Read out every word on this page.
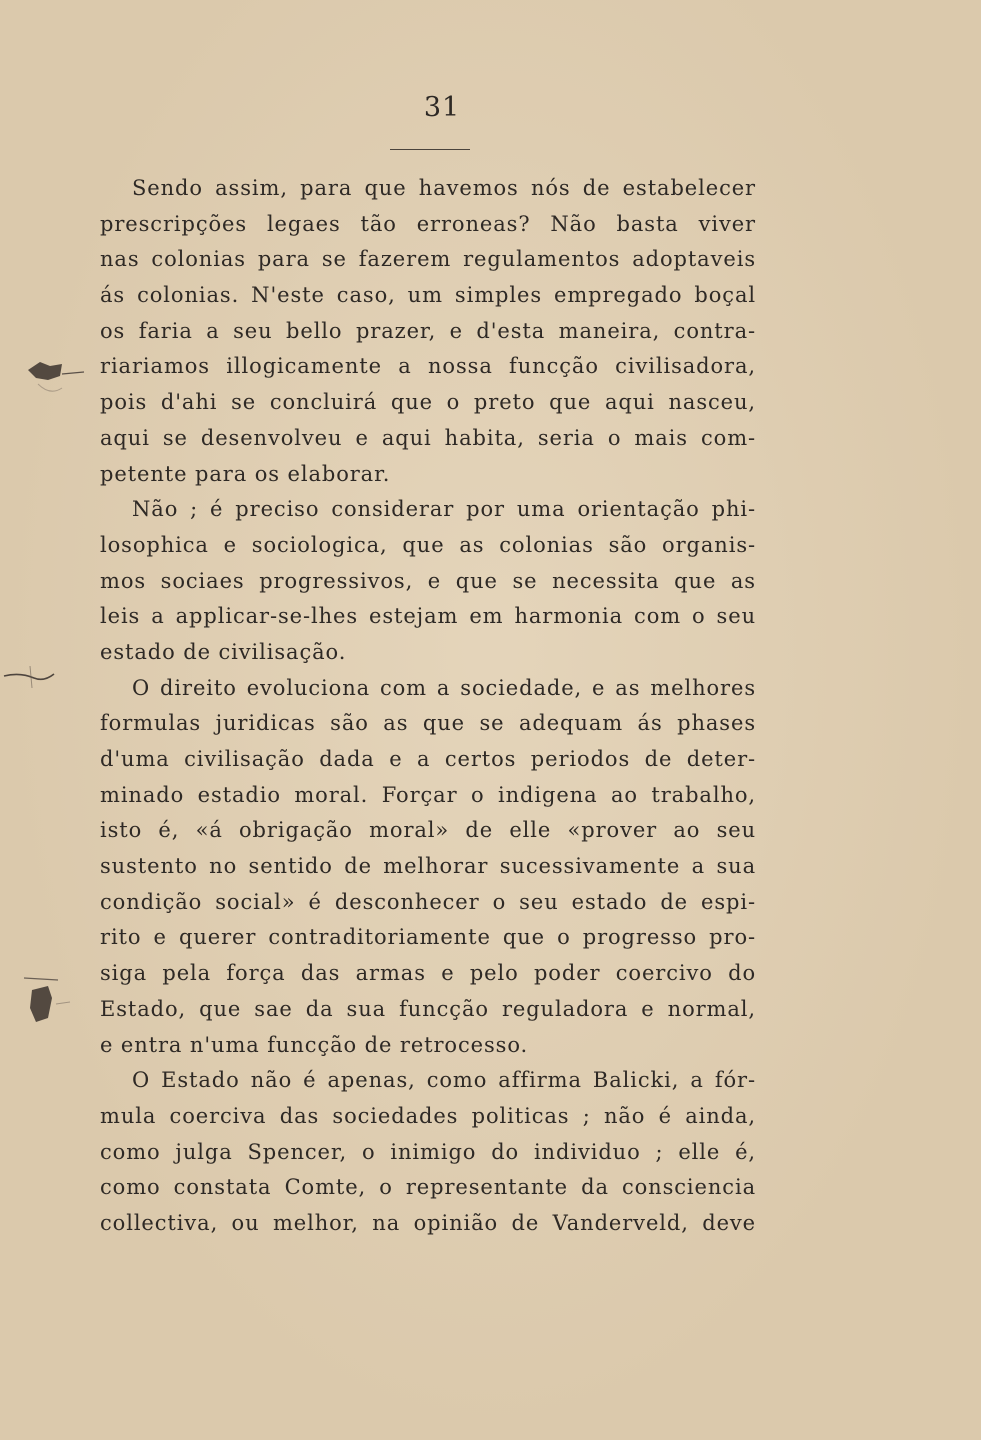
31
Sendo assim, para que havemos nós de estabelecer
prescripções legaes tão erroneas? Não basta viver
nas colonias para se fazerem regulamentos adoptaveis
ás colonias. N'este caso, um simples empregado boçal
os faria a seu bello prazer, e d'esta maneira, contra-
riariamos illogicamente a nossa funcção civilisadora,
pois d'ahi se concluirá que o preto que aqui nasceu,
aqui se desenvolveu e aqui habita, seria o mais com-
petente para os elaborar.
Não ; é preciso considerar por uma orientação phi-
losophica e sociologica, que as colonias são organis-
mos sociaes progressivos, e que se necessita que as
leis a applicar-se-lhes estejam em harmonia com o seu
estado de civilisação.
O direito evoluciona com a sociedade, e as melhores
formulas juridicas são as que se adequam ás phases
d'uma civilisação dada e a certos periodos de deter-
minado estadio moral. Forçar o indigena ao trabalho,
isto é, «á obrigação moral» de elle «prover ao seu
sustento no sentido de melhorar sucessivamente a sua
condição social» é desconhecer o seu estado de espi-
rito e querer contraditoriamente que o progresso pro-
siga pela força das armas e pelo poder coercivo do
Estado, que sae da sua funcção reguladora e normal,
e entra n'uma funcção de retrocesso.
O Estado não é apenas, como affirma Balicki, a fór-
mula coerciva das sociedades politicas ; não é ainda,
como julga Spencer, o inimigo do individuo ; elle é,
como constata Comte, o representante da consciencia
collectiva, ou melhor, na opinião de Vanderveld, deve
